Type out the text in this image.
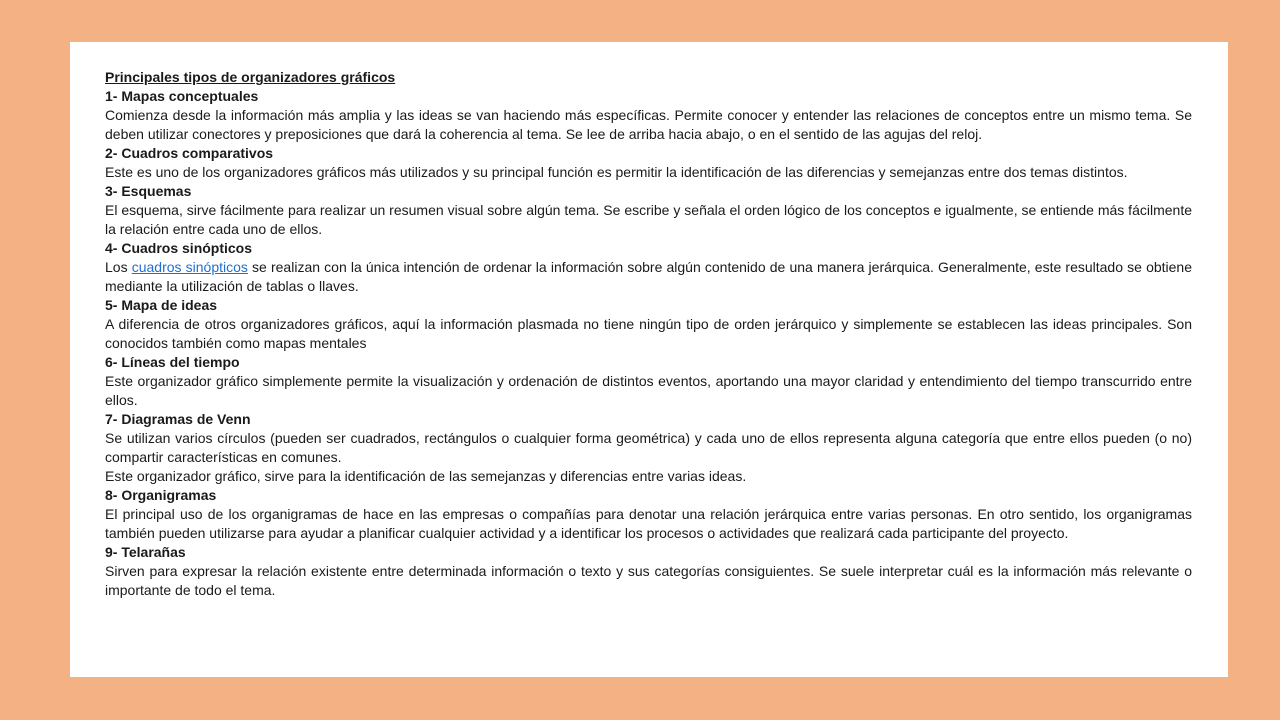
Principales tipos de organizadores gráficos
1- Mapas conceptuales
Comienza desde la información más amplia y las ideas se van haciendo más específicas. Permite conocer y entender las relaciones de conceptos entre un mismo tema. Se deben utilizar conectores y preposiciones que dará la coherencia al tema. Se lee de arriba hacia abajo, o en el sentido de las agujas del reloj.
2- Cuadros comparativos
Este es uno de los organizadores gráficos más utilizados y su principal función es permitir la identificación de las diferencias y semejanzas entre dos temas distintos.
3- Esquemas
El esquema, sirve fácilmente para realizar un resumen visual sobre algún tema. Se escribe y señala el orden lógico de los conceptos e igualmente, se entiende más fácilmente la relación entre cada uno de ellos.
4- Cuadros sinópticos
Los cuadros sinópticos se realizan con la única intención de ordenar la información sobre algún contenido de una manera jerárquica. Generalmente, este resultado se obtiene mediante la utilización de tablas o llaves.
5- Mapa de ideas
A diferencia de otros organizadores gráficos, aquí la información plasmada no tiene ningún tipo de orden jerárquico y simplemente se establecen las ideas principales. Son conocidos también como mapas mentales
6- Líneas del tiempo
Este organizador gráfico simplemente permite la visualización y ordenación de distintos eventos, aportando una mayor claridad y entendimiento del tiempo transcurrido entre ellos.
7- Diagramas de Venn
Se utilizan varios círculos (pueden ser cuadrados, rectángulos o cualquier forma geométrica) y cada uno de ellos representa alguna categoría que entre ellos pueden (o no) compartir características en comunes.
Este organizador gráfico, sirve para la identificación de las semejanzas y diferencias entre varias ideas.
8- Organigramas
El principal uso de los organigramas de hace en las empresas o compañías para denotar una relación jerárquica entre varias personas. En otro sentido, los organigramas también pueden utilizarse para ayudar a planificar cualquier actividad y a identificar los procesos o actividades que realizará cada participante del proyecto.
9- Telarañas
Sirven para expresar la relación existente entre determinada información o texto y sus categorías consiguientes. Se suele interpretar cuál es la información más relevante o importante de todo el tema.
